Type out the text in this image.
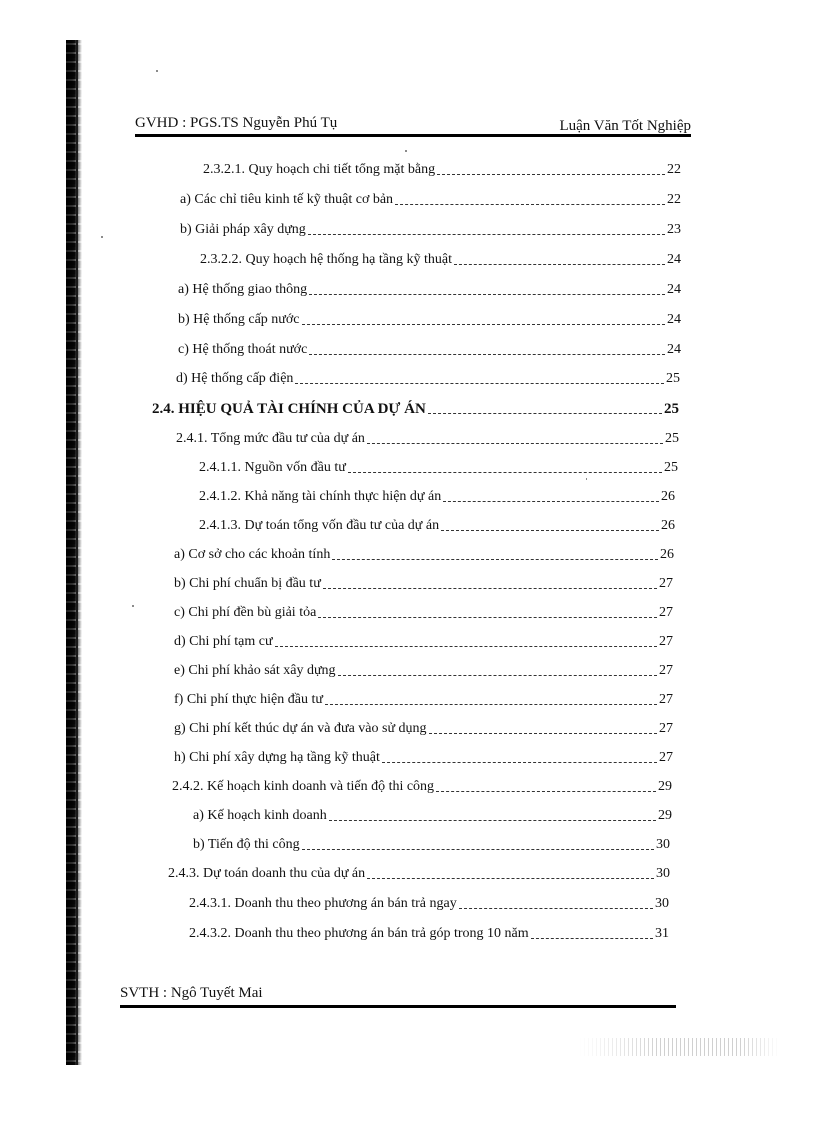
GVHD : PGS.TS Nguyễn Phú Tụ	Luận Văn Tốt Nghiệp
2.3.2.1. Quy hoạch chi tiết tổng mặt bằng	22
a) Các chỉ tiêu kinh tế kỹ thuật cơ bản	22
b) Giải pháp xây dựng	23
2.3.2.2. Quy hoạch hệ thống hạ tầng kỹ thuật	24
a) Hệ thống giao thông	24
b) Hệ thống cấp nước	24
c) Hệ thống thoát nước	24
d) Hệ thống cấp điện	25
2.4. HIỆU QUẢ TÀI CHÍNH CỦA DỰ ÁN	25
2.4.1. Tổng mức đầu tư của dự án	25
2.4.1.1. Nguồn vốn đầu tư	25
2.4.1.2. Khả năng tài chính thực hiện dự án	26
2.4.1.3. Dự toán tổng vốn đầu tư của dự án	26
a) Cơ sở cho các khoản tính	26
b) Chi phí chuẩn bị đầu tư	27
c) Chi phí đền bù giải tỏa	27
d) Chi phí tạm cư	27
e) Chi phí khảo sát xây dựng	27
f) Chi phí thực hiện đầu tư	27
g) Chi phí kết thúc dự án và đưa vào sử dụng	27
h) Chi phí xây dựng hạ tầng kỹ thuật	27
2.4.2. Kế hoạch kinh doanh và tiến độ thi công	29
a) Kế hoạch kinh doanh	29
b) Tiến độ thi công	30
2.4.3. Dự toán doanh thu của dự án	30
2.4.3.1. Doanh thu theo phương án bán trả ngay	30
2.4.3.2. Doanh thu theo phương án bán trả góp trong 10 năm	31
SVTH : Ngô Tuyết Mai
